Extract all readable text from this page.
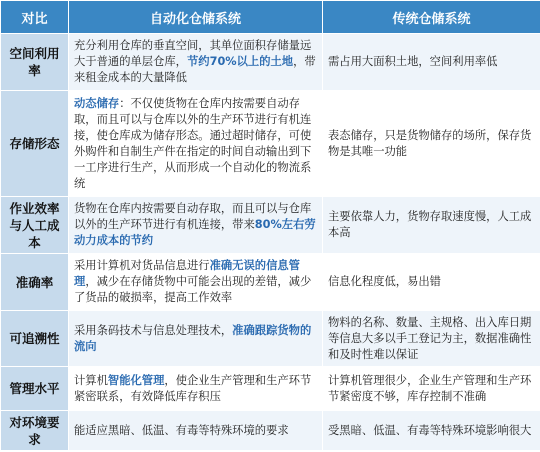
对比	自动化仓储系统	传统仓储系统
空间利用率	充分利用仓库的垂直空间，其单位面积存储量远大于普通的单层仓库，节约70%以上的土地，带来租金成本的大量降低	需占用大面积土地，空间利用率低
存储形态	动态储存：不仅使货物在仓库内按需要自动存取，而且可以与仓库以外的生产环节进行有机连接，使仓库成为储存形态。通过超时储存，可使外购件和自制生产件在指定的时间自动输出到下一工序进行生产，从而形成一个自动化的物流系统	表态储存，只是货物储存的场所，保存货物是其唯一功能
作业效率与人工成本	货物在仓库内按需要自动存取，而且可以与仓库以外的生产环节进行有机连接，带来80%左右劳动力成本的节约	主要依靠人力，货物存取速度慢，人工成本高
准确率	采用计算机对货品信息进行准确无误的信息管理，减少在存储货物中可能会出现的差错，减少了货品的破损率，提高工作效率	信息化程度低，易出错
可追溯性	采用条码技术与信息处理技术，准确跟踪货物的流向	物料的名称、数量、主规格、出入库日期等信息大多以手工登记为主，数据准确性和及时性难以保证
管理水平	计算机智能化管理，使企业生产管理和生产环节紧密联系，有效降低库存积压	计算机管理很少，企业生产管理和生产环节紧密度不够，库存控制不准确
对环境要求	能适应黑暗、低温、有毒等特殊环境的要求	受黑暗、低温、有毒等特殊环境影响很大
